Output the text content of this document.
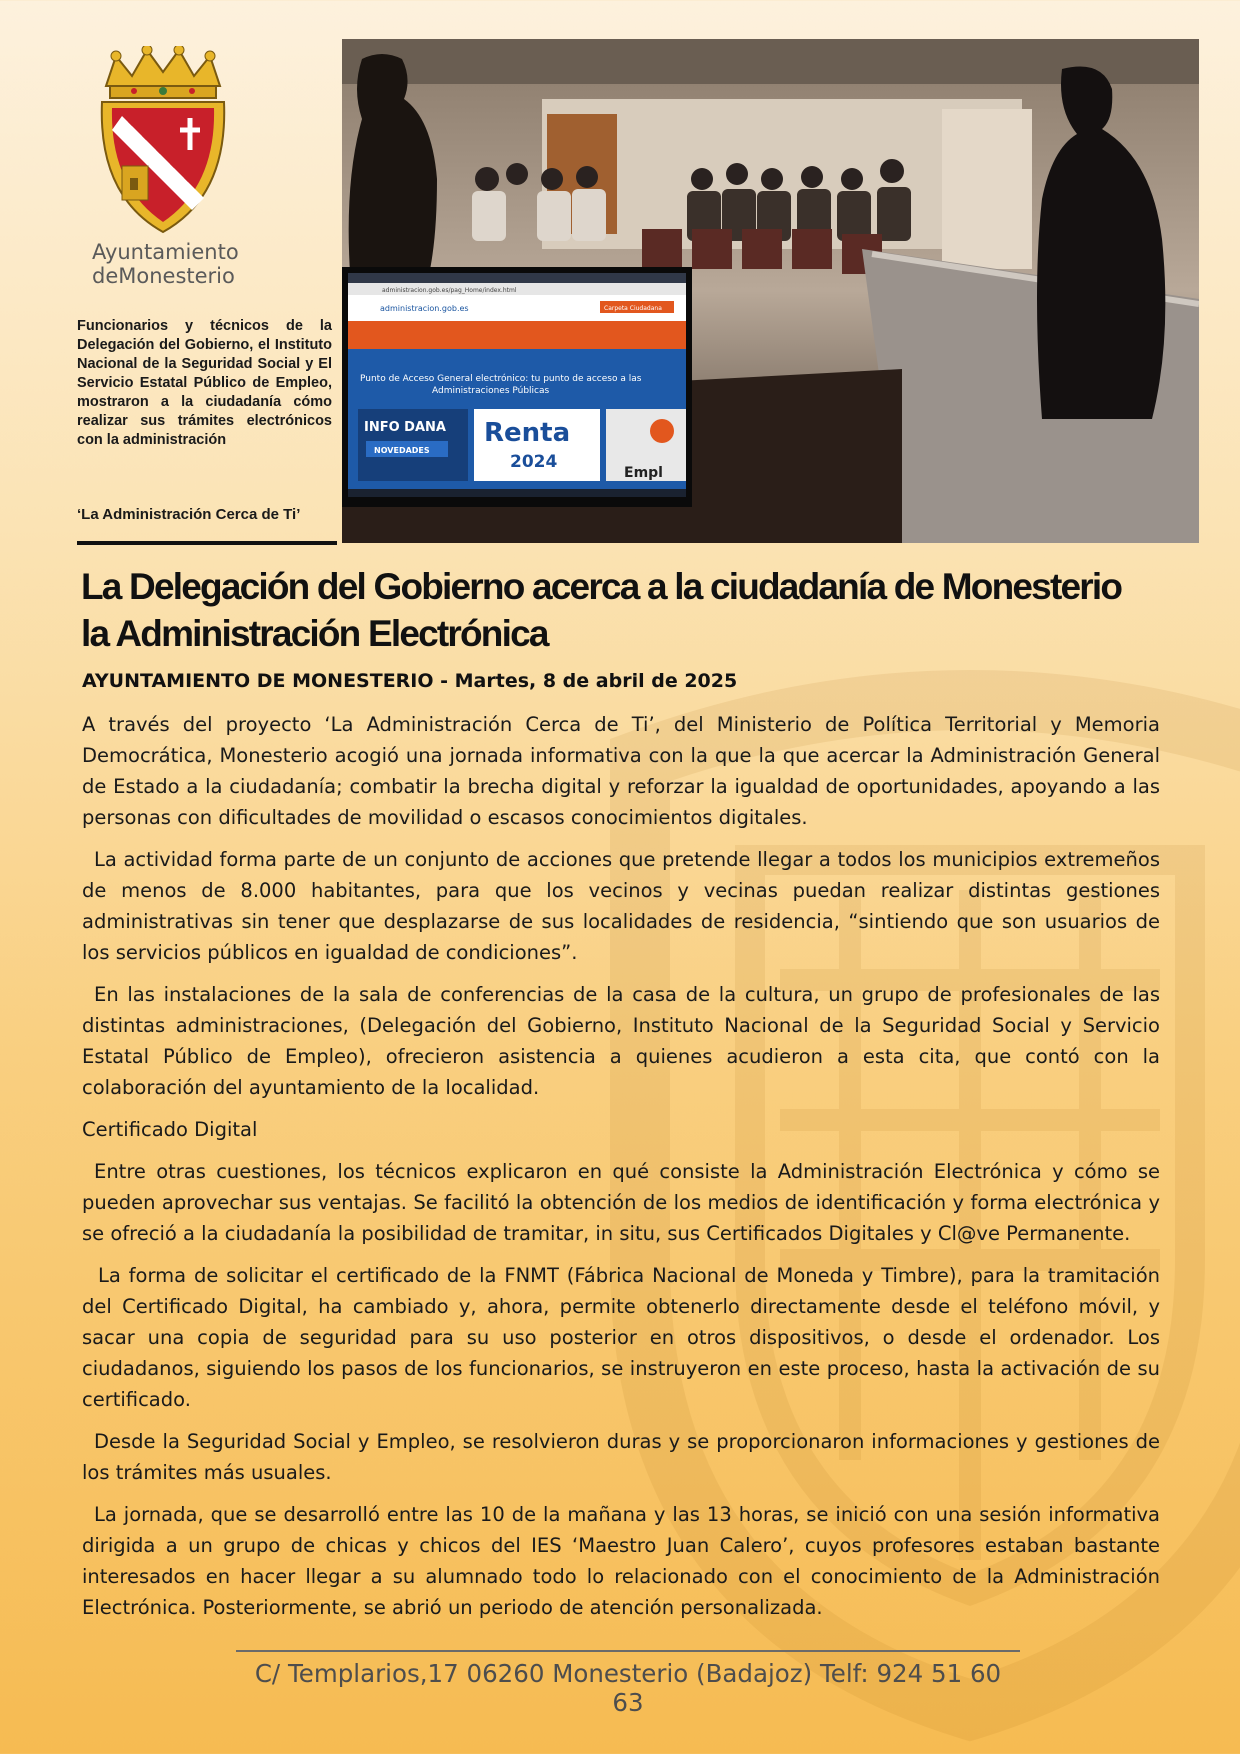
Ayuntamiento
deMonesterio
Funcionarios y técnicos de la Delegación del Gobierno, el Instituto Nacional de la Seguridad Social y El Servicio Estatal Público de Empleo, mostraron a la ciudadanía cómo realizar sus trámites electrónicos con la administración
‘La Administración Cerca de Ti’
administracion.gob.es/pag_Home/index.html
administracion.gob.es	Carpeta Ciudadana
Punto de Acceso General electrónico: tu punto de acceso a las Administraciones Públicas
INFO DANA
NOVEDADES
Renta
2024
Empl
La Delegación del Gobierno acerca a la ciudadanía de Monesterio
la Administración Electrónica
AYUNTAMIENTO DE MONESTERIO - Martes, 8 de abril de 2025

A través del proyecto ‘La Administración Cerca de Ti’, del Ministerio de Política Territorial y Memoria Democrática, Monesterio acogió una jornada informativa con la que la que acercar la Administración General de Estado a la ciudadanía; combatir la brecha digital y reforzar la igualdad de oportunidades, apoyando a las personas con dificultades de movilidad o escasos conocimientos digitales.

La actividad forma parte de un conjunto de acciones que pretende llegar a todos los municipios extremeños de menos de 8.000 habitantes, para que los vecinos y vecinas puedan realizar distintas gestiones administrativas sin tener que desplazarse de sus localidades de residencia, “sintiendo que son usuarios de los servicios públicos en igualdad de condiciones”.

En las instalaciones de la sala de conferencias de la casa de la cultura, un grupo de profesionales de las distintas administraciones, (Delegación del Gobierno, Instituto Nacional de la Seguridad Social y Servicio Estatal Público de Empleo), ofrecieron asistencia a quienes acudieron a esta cita, que contó con la colaboración del ayuntamiento de la localidad.

Certificado Digital

Entre otras cuestiones, los técnicos explicaron en qué consiste la Administración Electrónica y cómo se pueden aprovechar sus ventajas. Se facilitó la obtención de los medios de identificación y forma electrónica y se ofreció a la ciudadanía la posibilidad de tramitar, in situ, sus Certificados Digitales y Cl@ve Permanente.

La forma de solicitar el certificado de la FNMT (Fábrica Nacional de Moneda y Timbre), para la tramitación del Certificado Digital, ha cambiado y, ahora, permite obtenerlo directamente desde el teléfono móvil, y sacar una copia de seguridad para su uso posterior en otros dispositivos, o desde el ordenador. Los ciudadanos, siguiendo los pasos de los funcionarios, se instruyeron en este proceso, hasta la activación de su certificado.

Desde la Seguridad Social y Empleo, se resolvieron duras y se proporcionaron informaciones y gestiones de los trámites más usuales.

La jornada, que se desarrolló entre las 10 de la mañana y las 13 horas, se inició con una sesión informativa dirigida a un grupo de chicas y chicos del IES ‘Maestro Juan Calero’, cuyos profesores estaban bastante interesados en hacer llegar a su alumnado todo lo relacionado con el conocimiento de la Administración Electrónica. Posteriormente, se abrió un periodo de atención personalizada.

C/ Templarios,17 06260 Monesterio (Badajoz) Telf: 924 51 60 63
